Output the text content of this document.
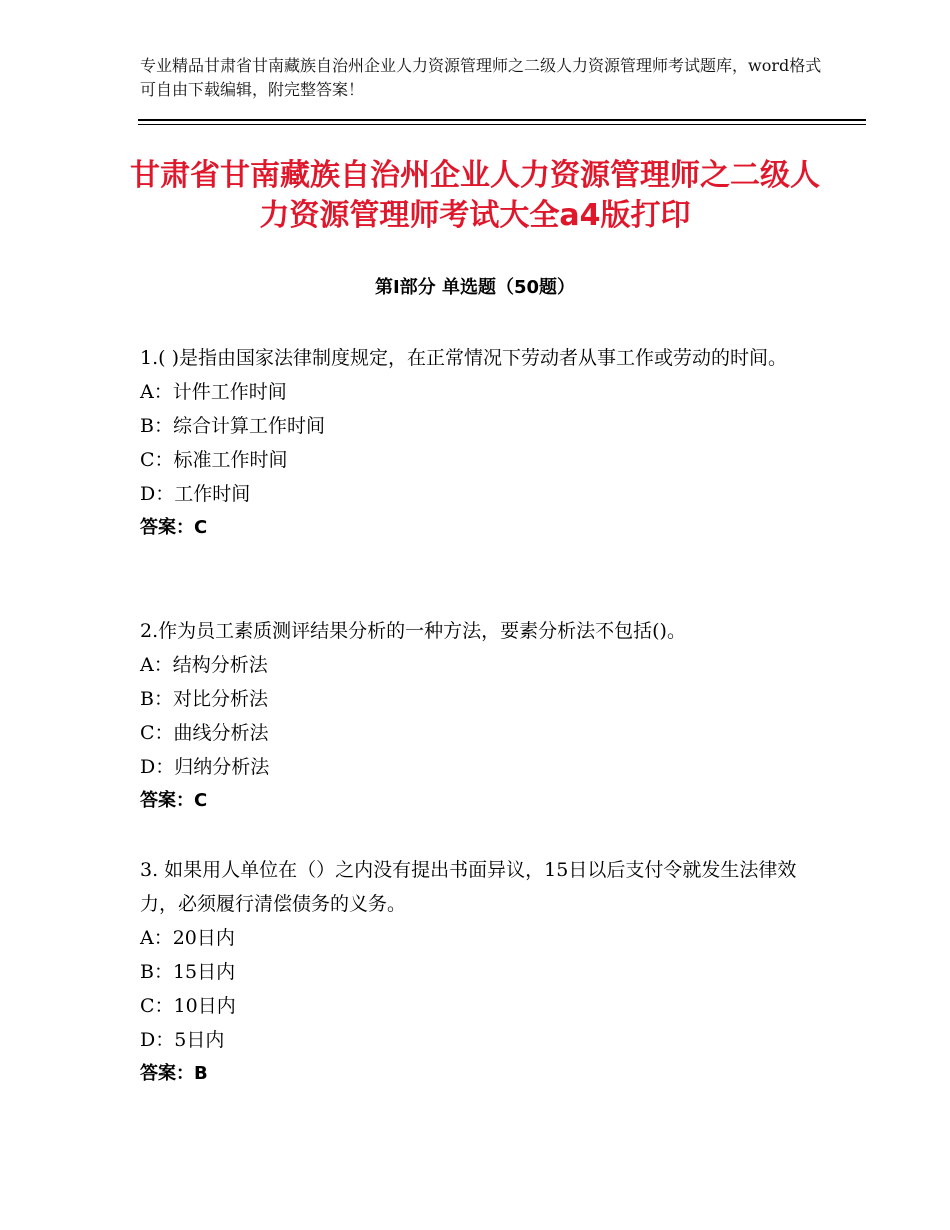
专业精品甘肃省甘南藏族自治州企业人力资源管理师之二级人力资源管理师考试题库，word格式可自由下载编辑，附完整答案！
甘肃省甘南藏族自治州企业人力资源管理师之二级人力资源管理师考试大全a4版打印
第Ⅰ部分 单选题（50题）
1.( )是指由国家法律制度规定，在正常情况下劳动者从事工作或劳动的时间。
A：计件工作时间
B：综合计算工作时间
C：标准工作时间
D：工作时间
答案：C
2.作为员工素质测评结果分析的一种方法，要素分析法不包括()。
A：结构分析法
B：对比分析法
C：曲线分析法
D：归纳分析法
答案：C
3. 如果用人单位在（）之内没有提出书面异议，15日以后支付令就发生法律效力，必须履行清偿债务的义务。
A：20日内
B：15日内
C：10日内
D：5日内
答案：B
